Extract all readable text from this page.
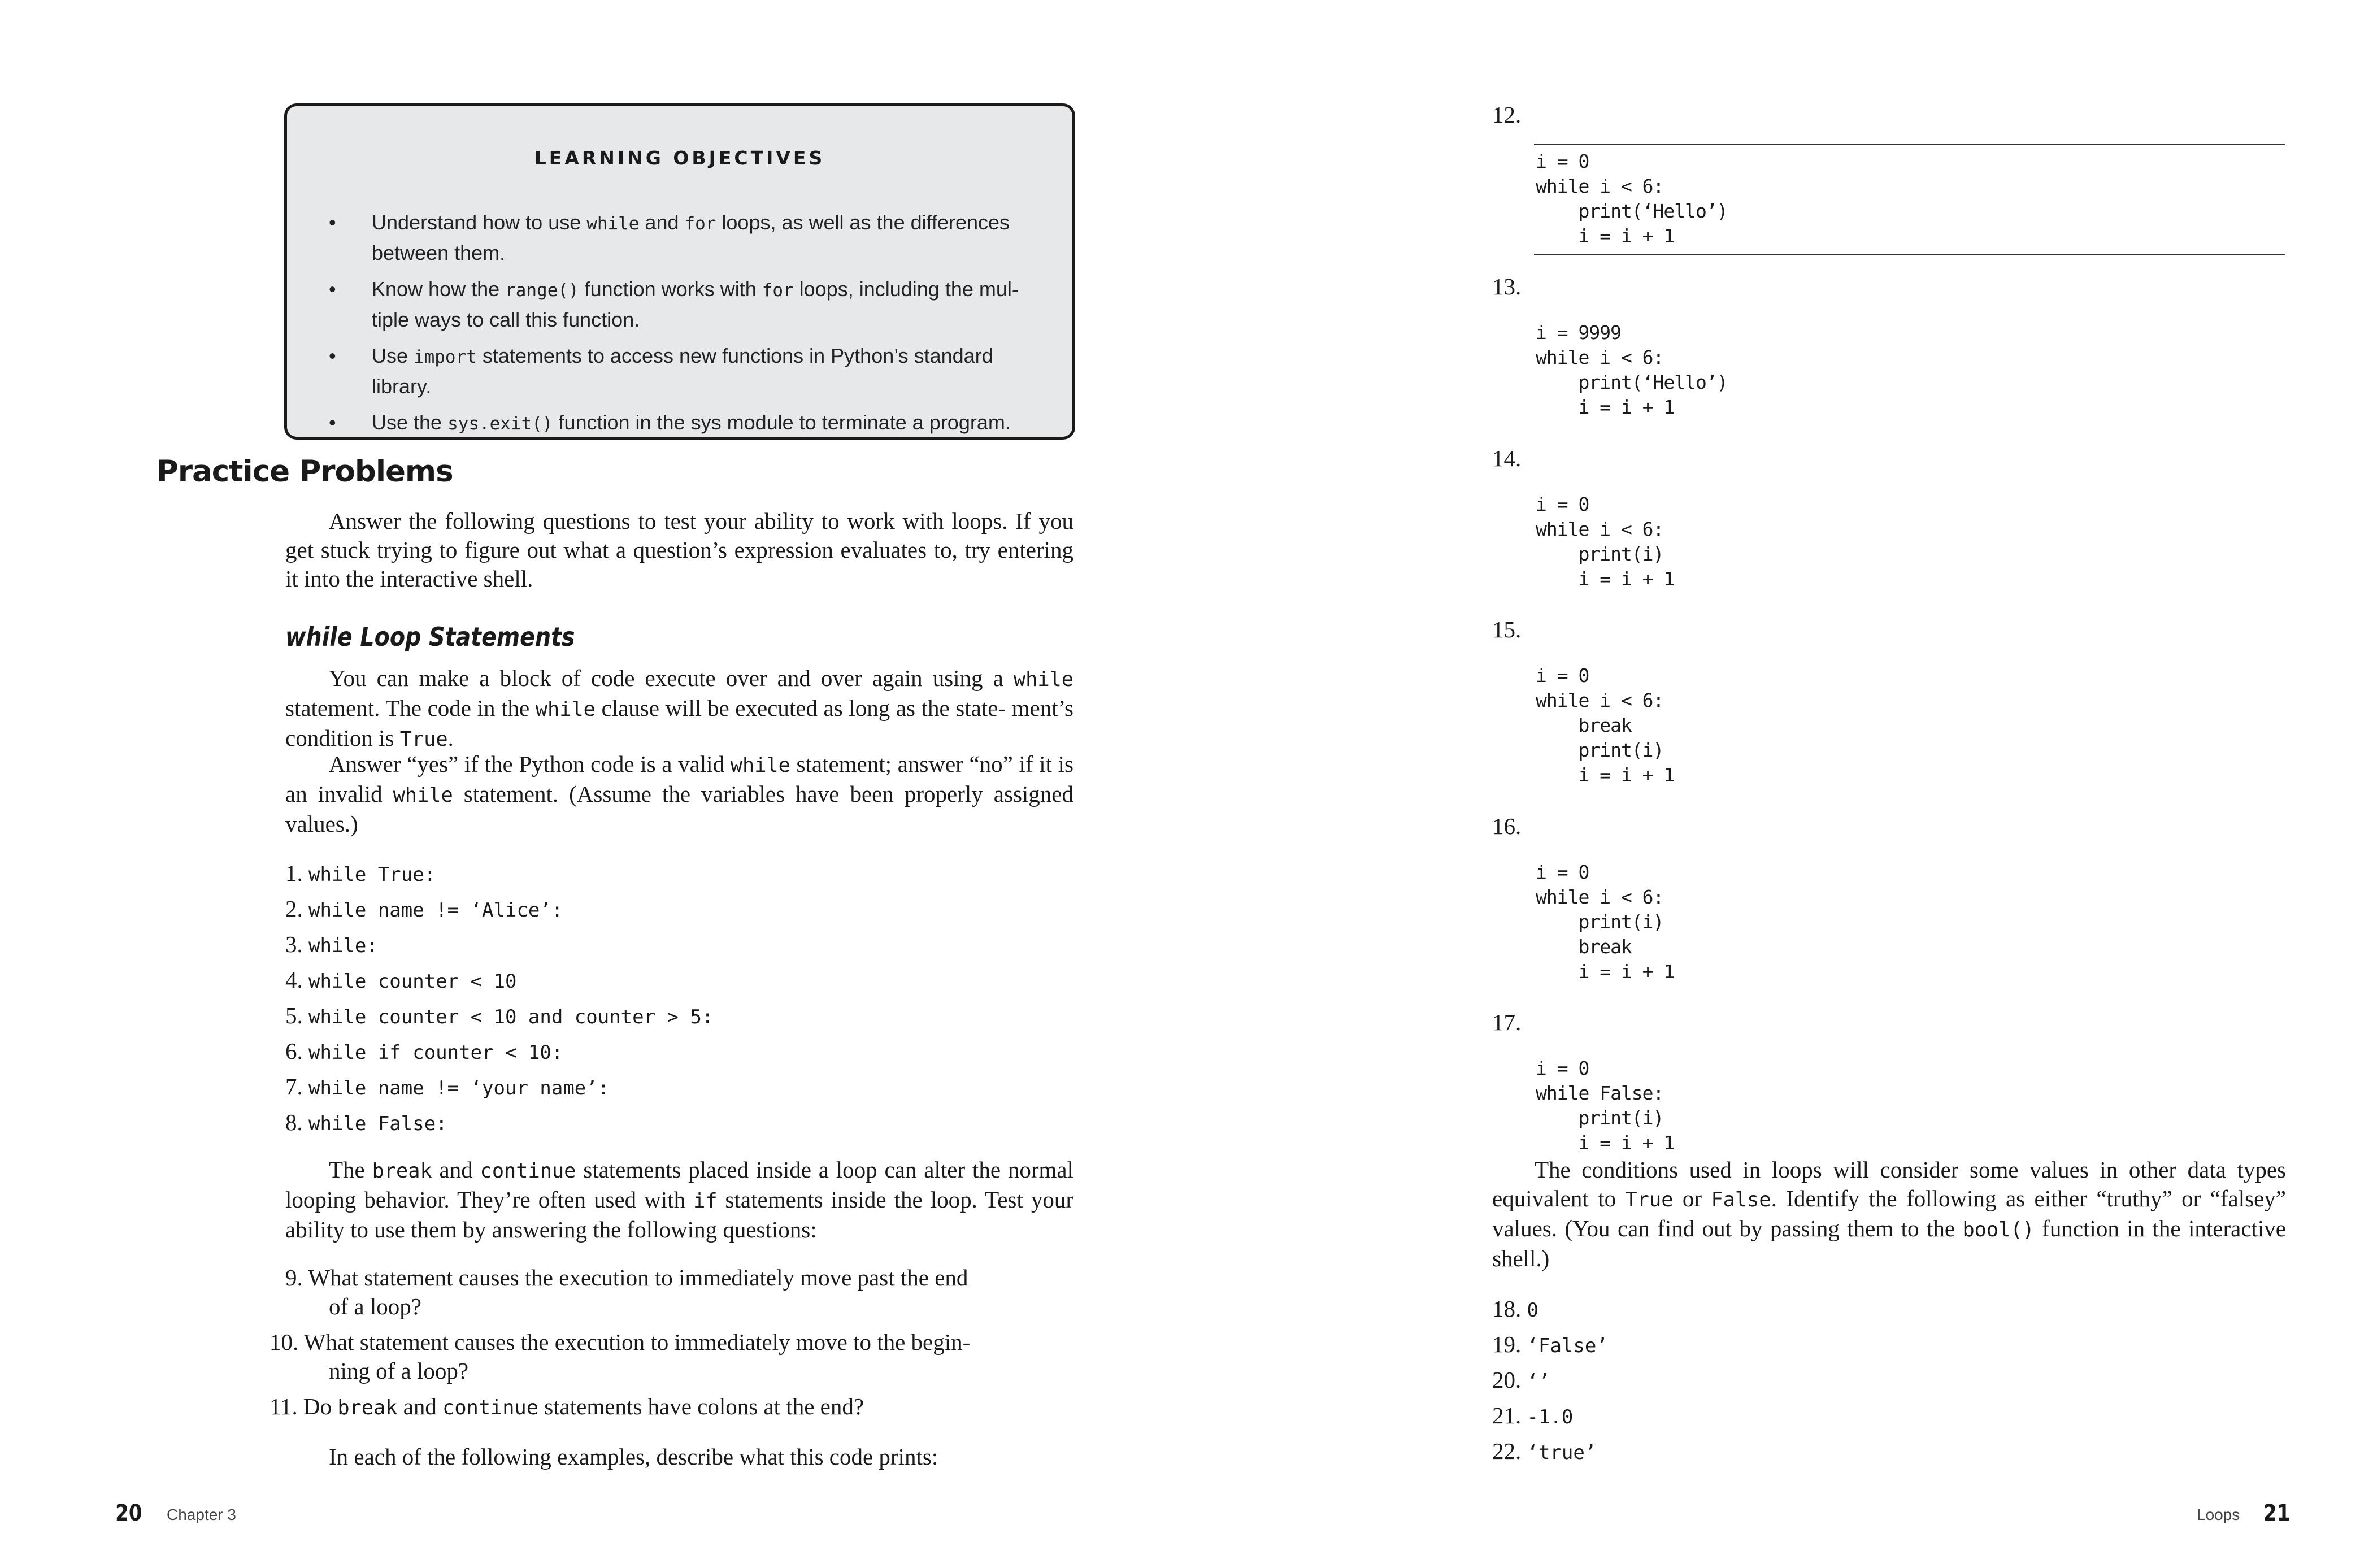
LEARNING OBJECTIVES
• Understand how to use while and for loops, as well as the differences between them.
• Know how the range() function works with for loops, including the mul- tiple ways to call this function.
• Use import statements to access new functions in Python’s standard library.
• Use the sys.exit() function in the sys module to terminate a program.
Practice Problems

Answer the following questions to test your ability to work with loops. If you get stuck trying to figure out what a question’s expression evaluates to, try entering it into the interactive shell.

while Loop Statements

You can make a block of code execute over and over again using a while statement. The code in the while clause will be executed as long as the state- ment’s condition is True.

Answer “yes” if the Python code is a valid while statement; answer “no” if it is an invalid while statement. (Assume the variables have been properly assigned values.)

1. while True:
2. while name != ‘Alice’:
3. while:
4. while counter < 10
5. while counter < 10 and counter > 5:
6. while if counter < 10:
7. while name != ‘your name’:
8. while False:

The break and continue statements placed inside a loop can alter the normal looping behavior. They’re often used with if statements inside the loop. Test your ability to use them by answering the following questions:

9. What statement causes the execution to immediately move past the end
of a loop?
10. What statement causes the execution to immediately move to the begin-
ning of a loop?
11. Do break and continue statements have colons at the end?

In each of the following examples, describe what this code prints:

20 Chapter 3
12.
i = 0
while i < 6:
print(‘Hello’)
i = i + 1
13.
i = 9999
while i < 6:
print(‘Hello’)
i = i + 1
14.
i = 0
while i < 6:
print(i)
i = i + 1
15.
i = 0
while i < 6:
break
print(i)
i = i + 1
16.
i = 0
while i < 6:
print(i)
break
i = i + 1
17.
i = 0
while False:
print(i)
i = i + 1

The conditions used in loops will consider some values in other data types equivalent to True or False. Identify the following as either “truthy” or “falsey” values. (You can find out by passing them to the bool() function in the interactive shell.)

18. 0
19. ‘False’
20. ‘’
21. -1.0
22. ‘true’
Loops 21
